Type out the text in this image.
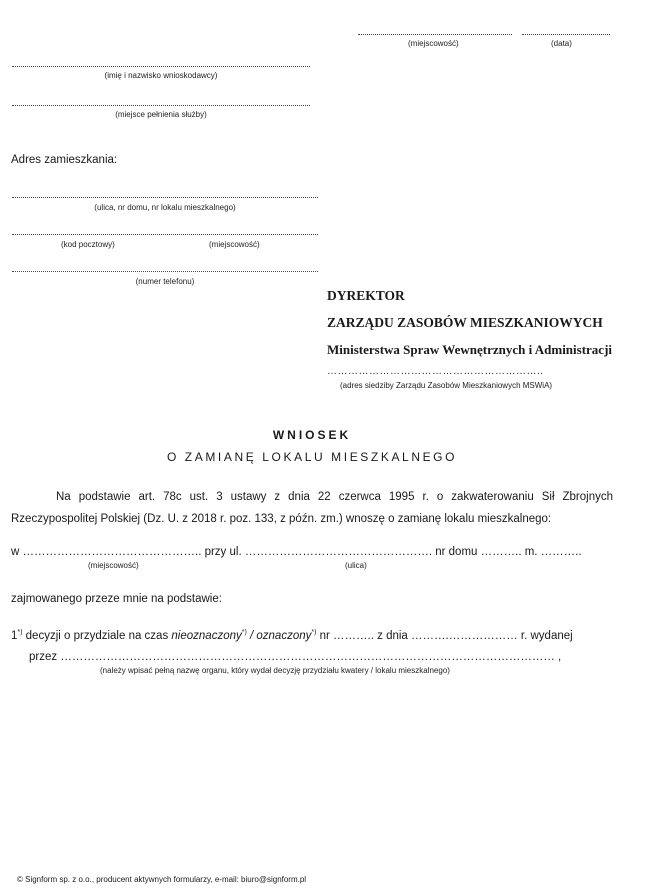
(miejscowość)	(data)
(imię i nazwisko wnioskodawcy)
(miejsce pełnienia służby)
Adres zamieszkania:
(ulica, nr domu, nr lokalu mieszkalnego)
(kod pocztowy)	(miejscowość)
(numer telefonu)
DYREKTOR
ZARZĄDU ZASOBÓW MIESZKANIOWYCH
Ministerstwa Spraw Wewnętrznych i Administracji
……………………………………………………..
(adres siedziby Zarządu Zasobów Mieszkaniowych MSWiA)
WNIOSEK
O ZAMIANĘ LOKALU MIESZKALNEGO
Na podstawie art. 78c ust. 3 ustawy z dnia 22 czerwca 1995 r. o zakwaterowaniu Sił Zbrojnych
Rzeczypospolitej Polskiej (Dz. U. z 2018 r. poz. 133, z późn. zm.) wnoszę o zamianę lokalu mieszkalnego:
w ……………………………………….. przy ul. …………………………………………. nr domu ……….. m. ………..
(miejscowość)	(ulica)
zajmowanego przeze mnie na podstawie:
1*) decyzji o przydziale na czas nieoznaczony*) / oznaczony*) nr ……….. z dnia ……….……………… r. wydanej
przez ………………………………………………………………………………………………………………… ,
(należy wpisać pełną nazwę organu, który wydał decyzję przydziału kwatery / lokalu mieszkalnego)
© Signform sp. z o.o., producent aktywnych formularzy, e-mail: biuro@signform.pl
